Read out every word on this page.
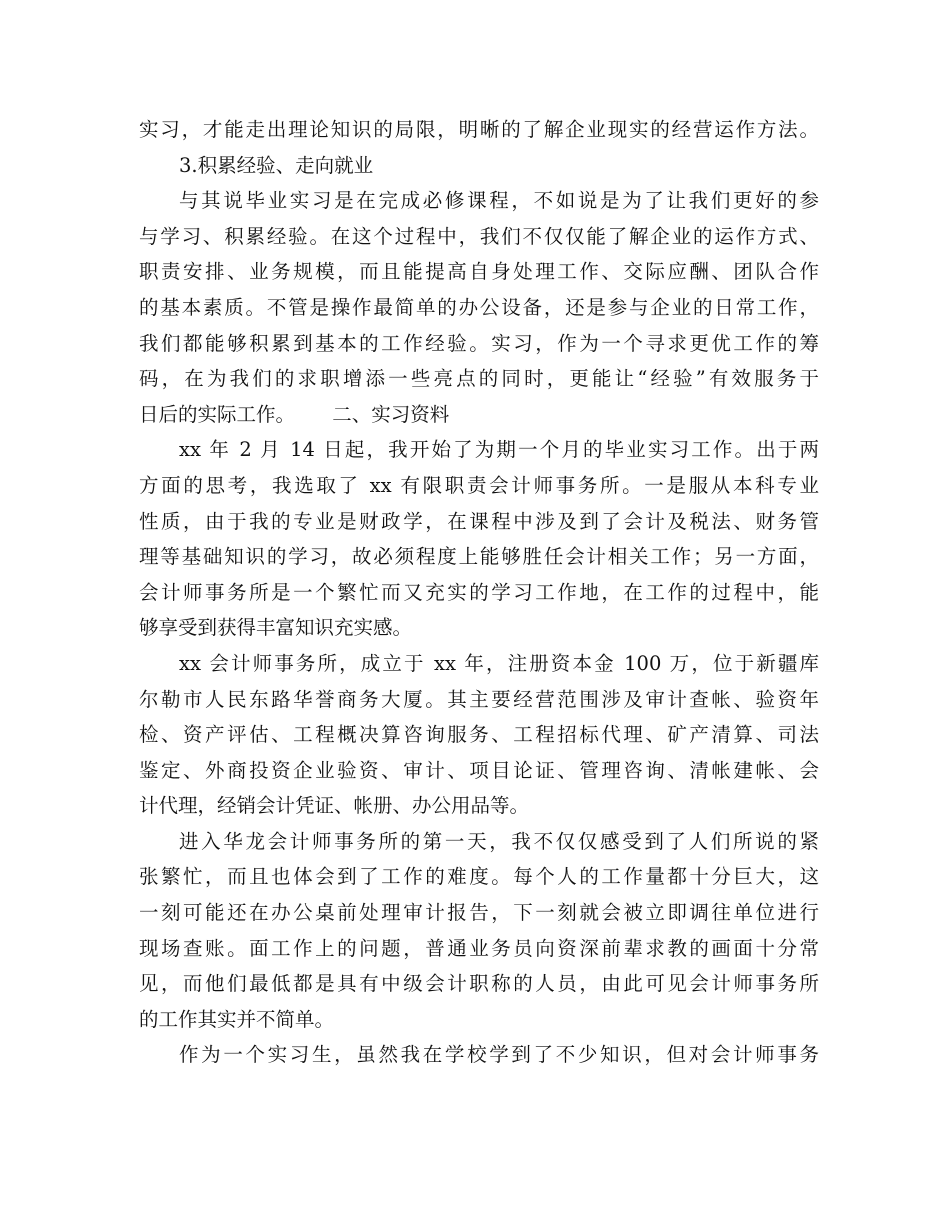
实习，才能走出理论知识的局限，明晰的了解企业现实的经营运作方法。
3.积累经验、走向就业
与其说毕业实习是在完成必修课程，不如说是为了让我们更好的参
与学习、积累经验。在这个过程中，我们不仅仅能了解企业的运作方式、
职责安排、业务规模，而且能提高自身处理工作、交际应酬、团队合作
的基本素质。不管是操作最简单的办公设备，还是参与企业的日常工作，
我们都能够积累到基本的工作经验。实习，作为一个寻求更优工作的筹
码，在为我们的求职增添一些亮点的同时，更能让“经验”有效服务于
日后的实际工作。      二、实习资料
xx 年 2 月 14 日起，我开始了为期一个月的毕业实习工作。出于两
方面的思考，我选取了 xx 有限职责会计师事务所。一是服从本科专业
性质，由于我的专业是财政学，在课程中涉及到了会计及税法、财务管
理等基础知识的学习，故必须程度上能够胜任会计相关工作；另一方面，
会计师事务所是一个繁忙而又充实的学习工作地，在工作的过程中，能
够享受到获得丰富知识充实感。
xx 会计师事务所，成立于 xx 年，注册资本金 100 万，位于新疆库
尔勒市人民东路华誉商务大厦。其主要经营范围涉及审计查帐、验资年
检、资产评估、工程概决算咨询服务、工程招标代理、矿产清算、司法
鉴定、外商投资企业验资、审计、项目论证、管理咨询、清帐建帐、会
计代理，经销会计凭证、帐册、办公用品等。
进入华龙会计师事务所的第一天，我不仅仅感受到了人们所说的紧
张繁忙，而且也体会到了工作的难度。每个人的工作量都十分巨大，这
一刻可能还在办公桌前处理审计报告，下一刻就会被立即调往单位进行
现场查账。面工作上的问题，普通业务员向资深前辈求教的画面十分常
见，而他们最低都是具有中级会计职称的人员，由此可见会计师事务所
的工作其实并不简单。
作为一个实习生，虽然我在学校学到了不少知识，但对会计师事务
